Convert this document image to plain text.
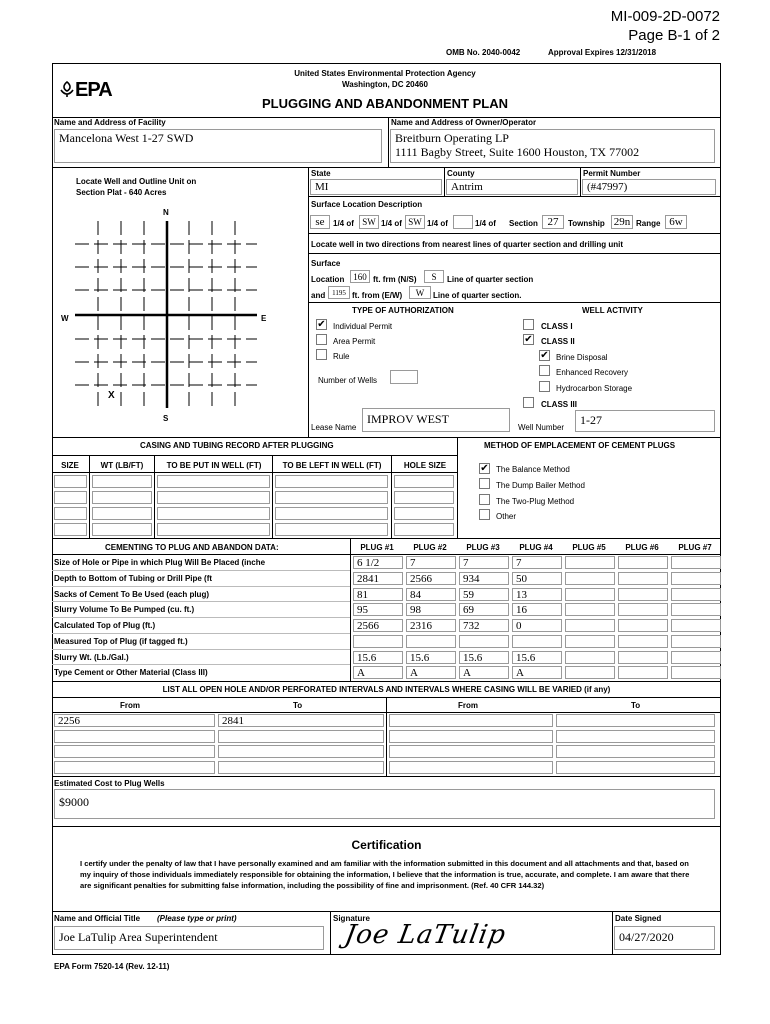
MI-009-2D-0072
Page B-1 of 2
OMB No. 2040-0042	Approval Expires 12/31/2018
EPA
United States Environmental Protection Agency
Washington, DC 20460
PLUGGING AND ABANDONMENT PLAN
Name and Address of Facility
Mancelona West 1-27 SWD
Name and Address of Owner/Operator
Breitburn Operating LP
1111 Bagby Street, Suite 1600 Houston, TX 77002
Locate Well and Outline Unit on
Section Plat - 640 Acres
N
S
W	E
X
State
MI
County
Antrim
Permit Number
(#47997)
Surface Location Description
se	1/4 of SW 1/4 of SW 1/4 of	1/4 of Section 27	Township 29n Range 6w
Locate well in two directions from nearest lines of quarter section and drilling unit
Surface
Location 160 ft. frm (N/S)	S	Line of quarter section
and 1195 ft. from (E/W)	W	Line of quarter section.
TYPE OF AUTHORIZATION
✔ Individual Permit
Area Permit
Rule
Number of Wells
WELL ACTIVITY
CLASS I
✔ CLASS II
✔ Brine Disposal
Enhanced Recovery
Hydrocarbon Storage
CLASS III
Lease Name
IMPROV WEST
Well Number
1-27
CASING AND TUBING RECORD AFTER PLUGGING	METHOD OF EMPLACEMENT OF CEMENT PLUGS
SIZE	WT (LB/FT)	TO BE PUT IN WELL (FT)	TO BE LEFT IN WELL (FT)	HOLE SIZE	✔ The Balance Method
The Dump Bailer Method
The Two-Plug Method
Other
CEMENTING TO PLUG AND ABANDON DATA:	PLUG #1	PLUG #2	PLUG #3	PLUG #4	PLUG #5	PLUG #6	PLUG #7
Size of Hole or Pipe in which Plug Will Be Placed (inche	6 1/2	7	7	7
Depth to Bottom of Tubing or Drill Pipe (ft	2841	2566	934	50
Sacks of Cement To Be Used (each plug)	81	84	59	13
Slurry Volume To Be Pumped (cu. ft.)	95	98	69	16
Calculated Top of Plug (ft.)	2566	2316	732	0
Measured Top of Plug (if tagged ft.)
Slurry Wt. (Lb./Gal.)	15.6	15.6	15.6	15.6
Type Cement or Other Material (Class III)	A	A	A	A
LIST ALL OPEN HOLE AND/OR PERFORATED INTERVALS AND INTERVALS WHERE CASING WILL BE VARIED (if any)
From	To	From	To
2256	2841
Estimated Cost to Plug Wells
$9000
Certification
I certify under the penalty of law that I have personally examined and am familiar with the information submitted in this document and all attachments and that, based on my inquiry of those individuals immediately responsible for obtaining the information, I believe that the information is true, accurate, and complete. I am aware that there are significant penalties for submitting false information, including the possibility of fine and imprisonment. (Ref. 40 CFR 144.32)
Name and Official Title (Please type or print)
Joe LaTulip Area Superintendent
Signature
Joe LaTulip
Date Signed
04/27/2020
EPA Form 7520-14 (Rev. 12-11)
